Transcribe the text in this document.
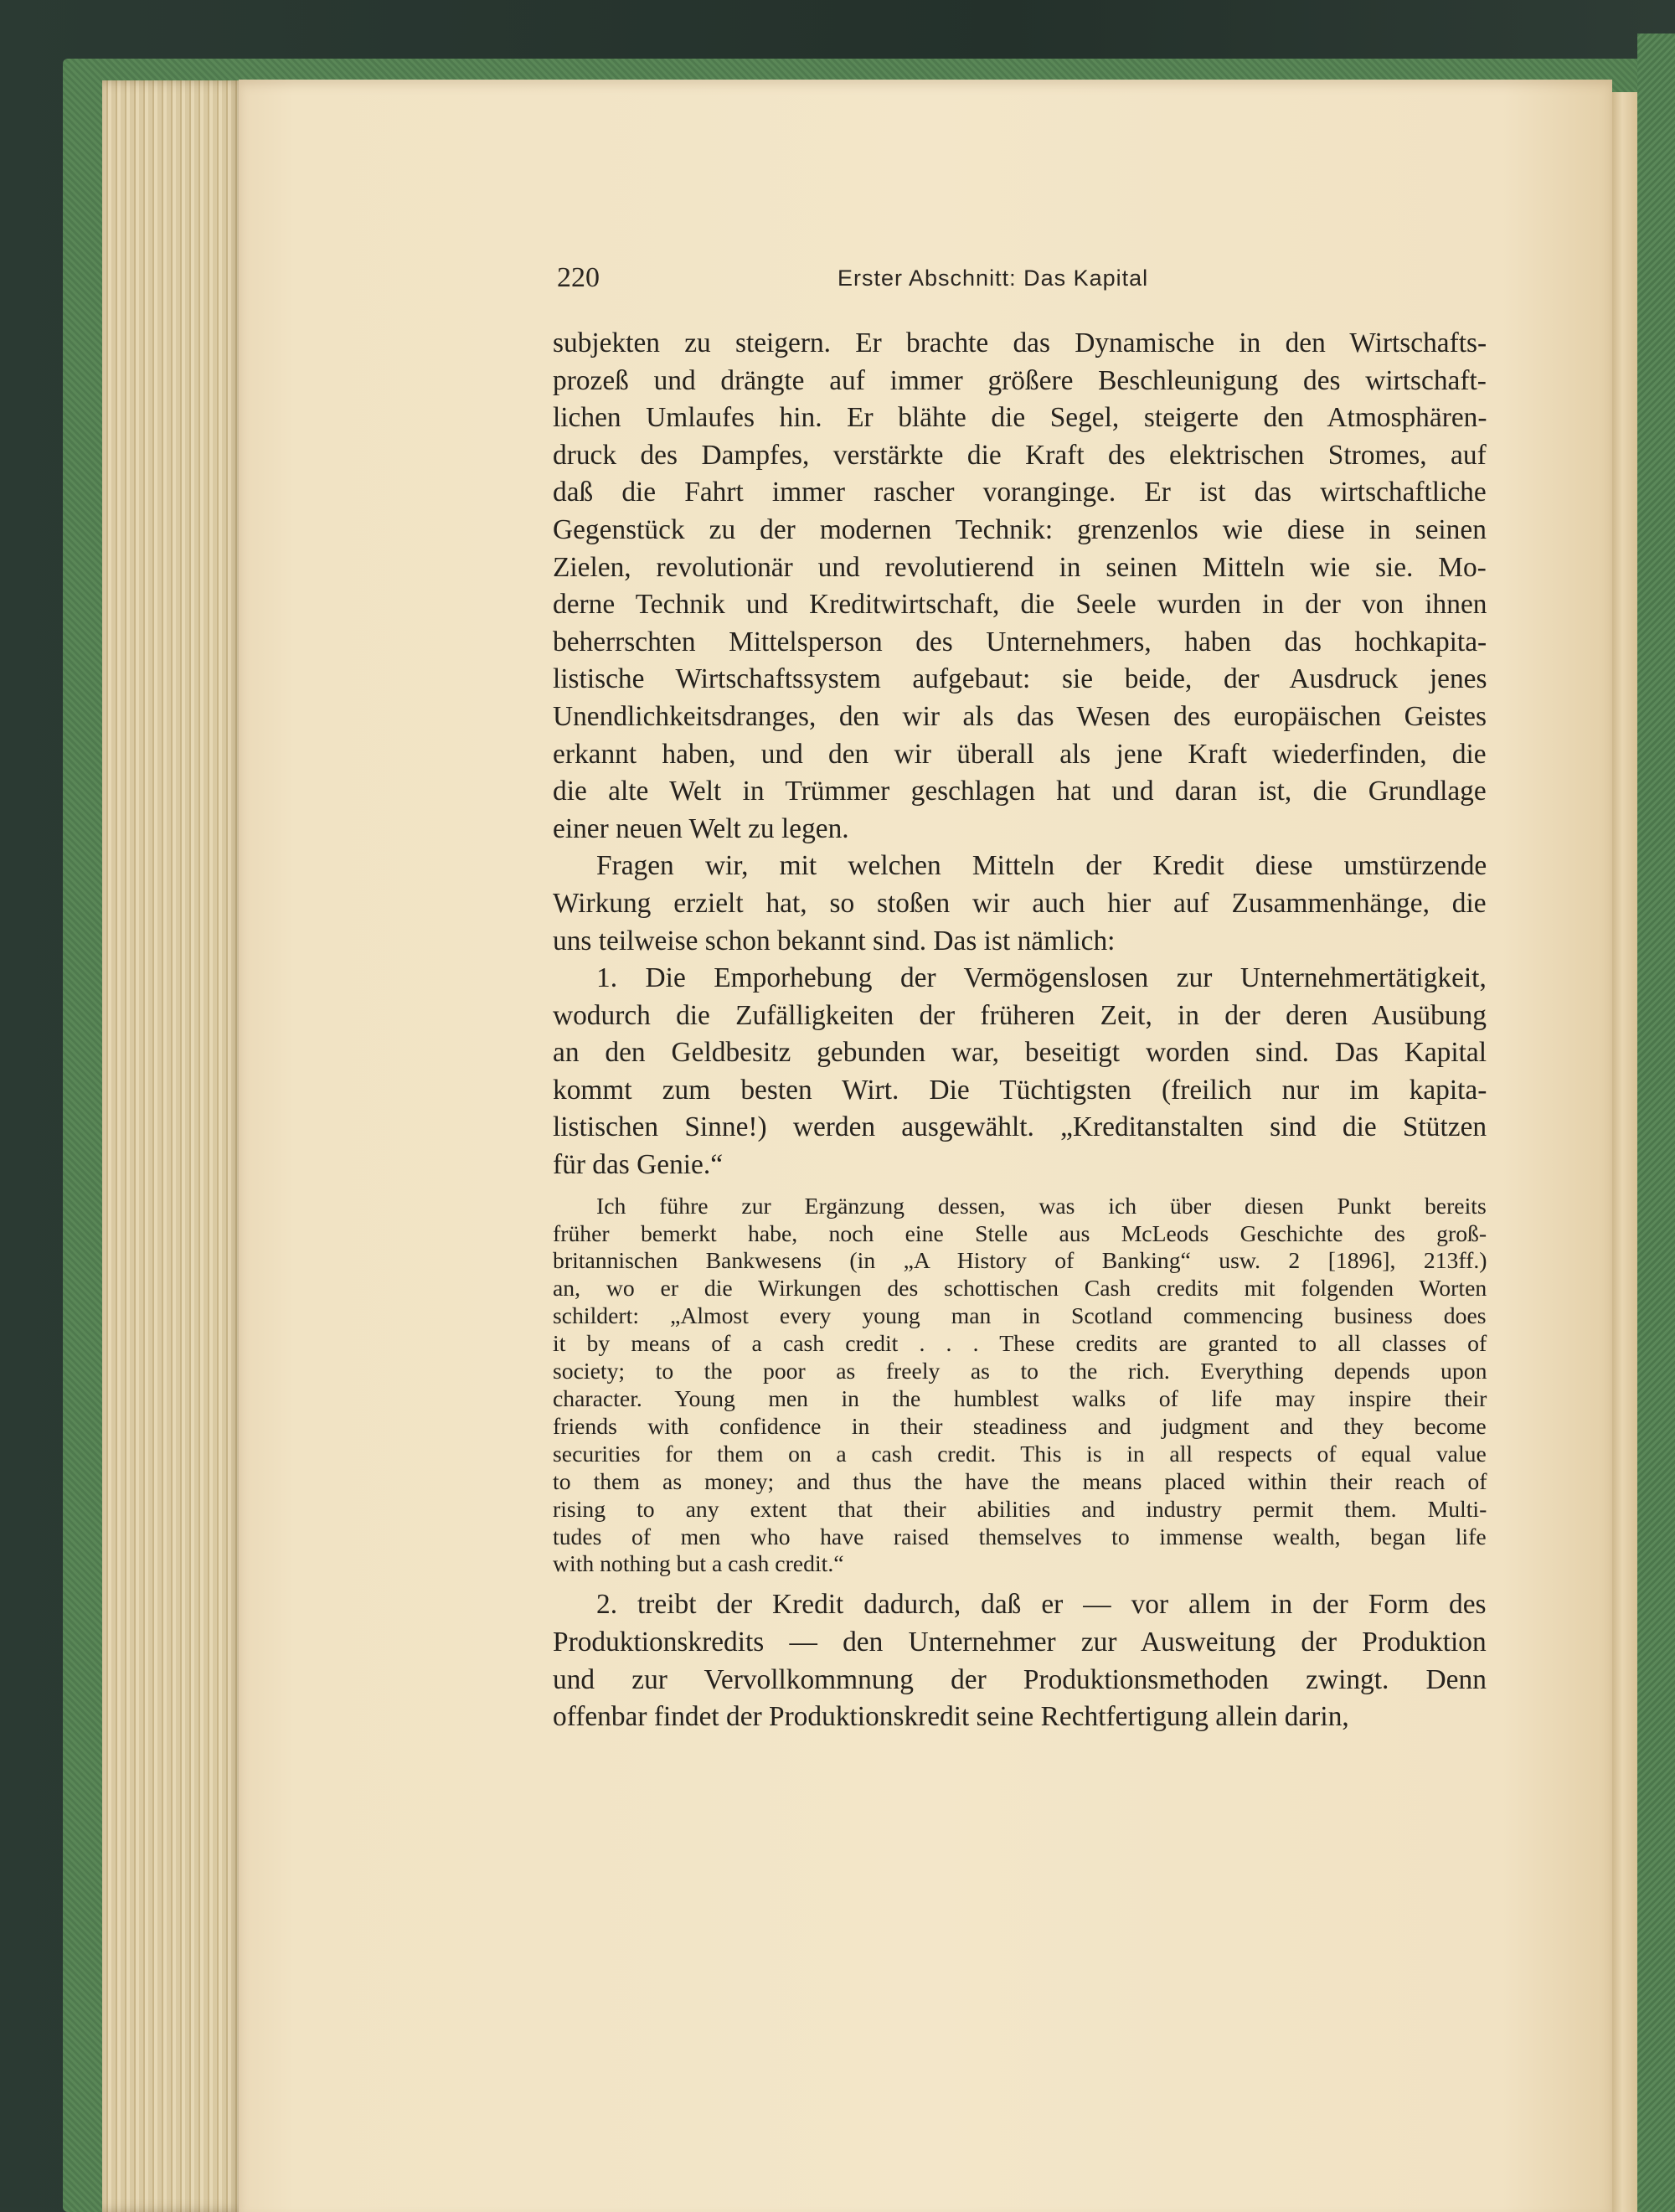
220	Erster Abschnitt: Das Kapital

subjekten zu steigern. Er brachte das Dynamische in den Wirtschafts-
prozeß und drängte auf immer größere Beschleunigung des wirtschaft-
lichen Umlaufes hin. Er blähte die Segel, steigerte den Atmosphären-
druck des Dampfes, verstärkte die Kraft des elektrischen Stromes, auf
daß die Fahrt immer rascher voranginge. Er ist das wirtschaftliche
Gegenstück zu der modernen Technik: grenzenlos wie diese in seinen
Zielen, revolutionär und revolutierend in seinen Mitteln wie sie. Mo-
derne Technik und Kreditwirtschaft, die Seele wurden in der von ihnen
beherrschten Mittelsperson des Unternehmers, haben das hochkapita-
listische Wirtschaftssystem aufgebaut: sie beide, der Ausdruck jenes
Unendlichkeitsdranges, den wir als das Wesen des europäischen Geistes
erkannt haben, und den wir überall als jene Kraft wiederfinden, die
die alte Welt in Trümmer geschlagen hat und daran ist, die Grundlage
einer neuen Welt zu legen.

Fragen wir, mit welchen Mitteln der Kredit diese umstürzende
Wirkung erzielt hat, so stoßen wir auch hier auf Zusammenhänge, die
uns teilweise schon bekannt sind. Das ist nämlich:

1. Die Emporhebung der Vermögenslosen zur Unternehmertätigkeit,
wodurch die Zufälligkeiten der früheren Zeit, in der deren Ausübung
an den Geldbesitz gebunden war, beseitigt worden sind. Das Kapital
kommt zum besten Wirt. Die Tüchtigsten (freilich nur im kapita-
listischen Sinne!) werden ausgewählt. „Kreditanstalten sind die Stützen
für das Genie.“

Ich führe zur Ergänzung dessen, was ich über diesen Punkt bereits
früher bemerkt habe, noch eine Stelle aus McLeods Geschichte des groß-
britannischen Bankwesens (in „A History of Banking“ usw. 2 [1896], 213ff.)
an, wo er die Wirkungen des schottischen Cash credits mit folgenden Worten
schildert: „Almost every young man in Scotland commencing business does
it by means of a cash credit . . . These credits are granted to all classes of
society; to the poor as freely as to the rich. Everything depends upon
character. Young men in the humblest walks of life may inspire their
friends with confidence in their steadiness and judgment and they become
securities for them on a cash credit. This is in all respects of equal value
to them as money; and thus the have the means placed within their reach of
rising to any extent that their abilities and industry permit them. Multi-
tudes of men who have raised themselves to immense wealth, began life
with nothing but a cash credit.“

2. treibt der Kredit dadurch, daß er — vor allem in der Form des
Produktionskredits — den Unternehmer zur Ausweitung der Produktion
und zur Vervollkommnung der Produktionsmethoden zwingt. Denn
offenbar findet der Produktionskredit seine Rechtfertigung allein darin,
